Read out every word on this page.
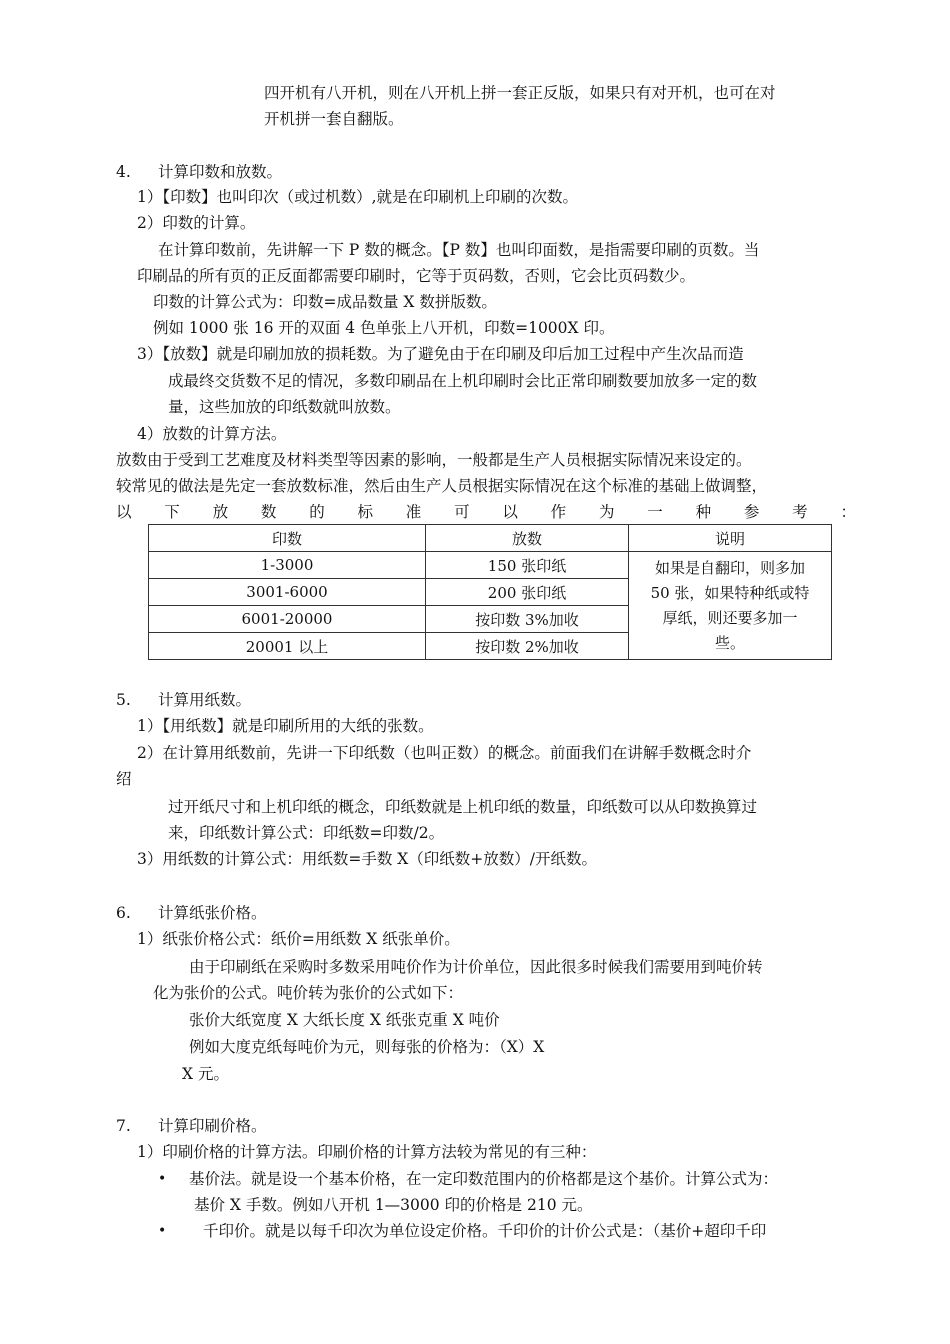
四开机有八开机，则在八开机上拼一套正反版，如果只有对开机，也可在对
开机拼一套自翻版。
4. 计算印数和放数。
1）【印数】也叫印次（或过机数）,就是在印刷机上印刷的次数。
2）印数的计算。
在计算印数前，先讲解一下 P 数的概念。【P 数】也叫印面数，是指需要印刷的页数。当
印刷品的所有页的正反面都需要印刷时，它等于页码数，否则，它会比页码数少。
印数的计算公式为：印数=成品数量 X 数拼版数。
例如 1000 张 16 开的双面 4 色单张上八开机，印数=1000X 印。
3）【放数】就是印刷加放的损耗数。为了避免由于在印刷及印后加工过程中产生次品而造
成最终交货数不足的情况，多数印刷品在上机印刷时会比正常印刷数要加放多一定的数
量，这些加放的印纸数就叫放数。
4）放数的计算方法。
放数由于受到工艺难度及材料类型等因素的影响，一般都是生产人员根据实际情况来设定的。
较常见的做法是先定一套放数标准，然后由生产人员根据实际情况在这个标准的基础上做调整，
以 下 放 数 的 标 准 可 以 作 为 一 种 参 考 ：
印数	放数	说明
1-3000	150 张印纸	如果是自翻印，则多加
50 张，如果特种纸或特
厚纸，则还要多加一
些。

3001-6000	200 张印纸	
6001-20000	按印数 3%加收	
20001 以上	按印数 2%加收	
5. 计算用纸数。
1）【用纸数】就是印刷所用的大纸的张数。
2）在计算用纸数前，先讲一下印纸数（也叫正数）的概念。前面我们在讲解手数概念时介
绍
过开纸尺寸和上机印纸的概念，印纸数就是上机印纸的数量，印纸数可以从印数换算过
来，印纸数计算公式：印纸数=印数/2。
3）用纸数的计算公式：用纸数=手数 X（印纸数+放数）/开纸数。
6. 计算纸张价格。
1）纸张价格公式：纸价=用纸数 X 纸张单价。
由于印刷纸在采购时多数采用吨价作为计价单位，因此很多时候我们需要用到吨价转
化为张价的公式。吨价转为张价的公式如下：
张价大纸宽度 X 大纸长度 X 纸张克重 X 吨价
例如大度克纸每吨价为元，则每张的价格为：（X）X
X 元。
7. 计算印刷价格。
1）印刷价格的计算方法。印刷价格的计算方法较为常见的有三种：
• 基价法。就是设一个基本价格，在一定印数范围内的价格都是这个基价。计算公式为：
基价 X 手数。例如八开机 1—3000 印的价格是 210 元。
• 千印价。就是以每千印次为单位设定价格。千印价的计价公式是：（基价+超印千印
